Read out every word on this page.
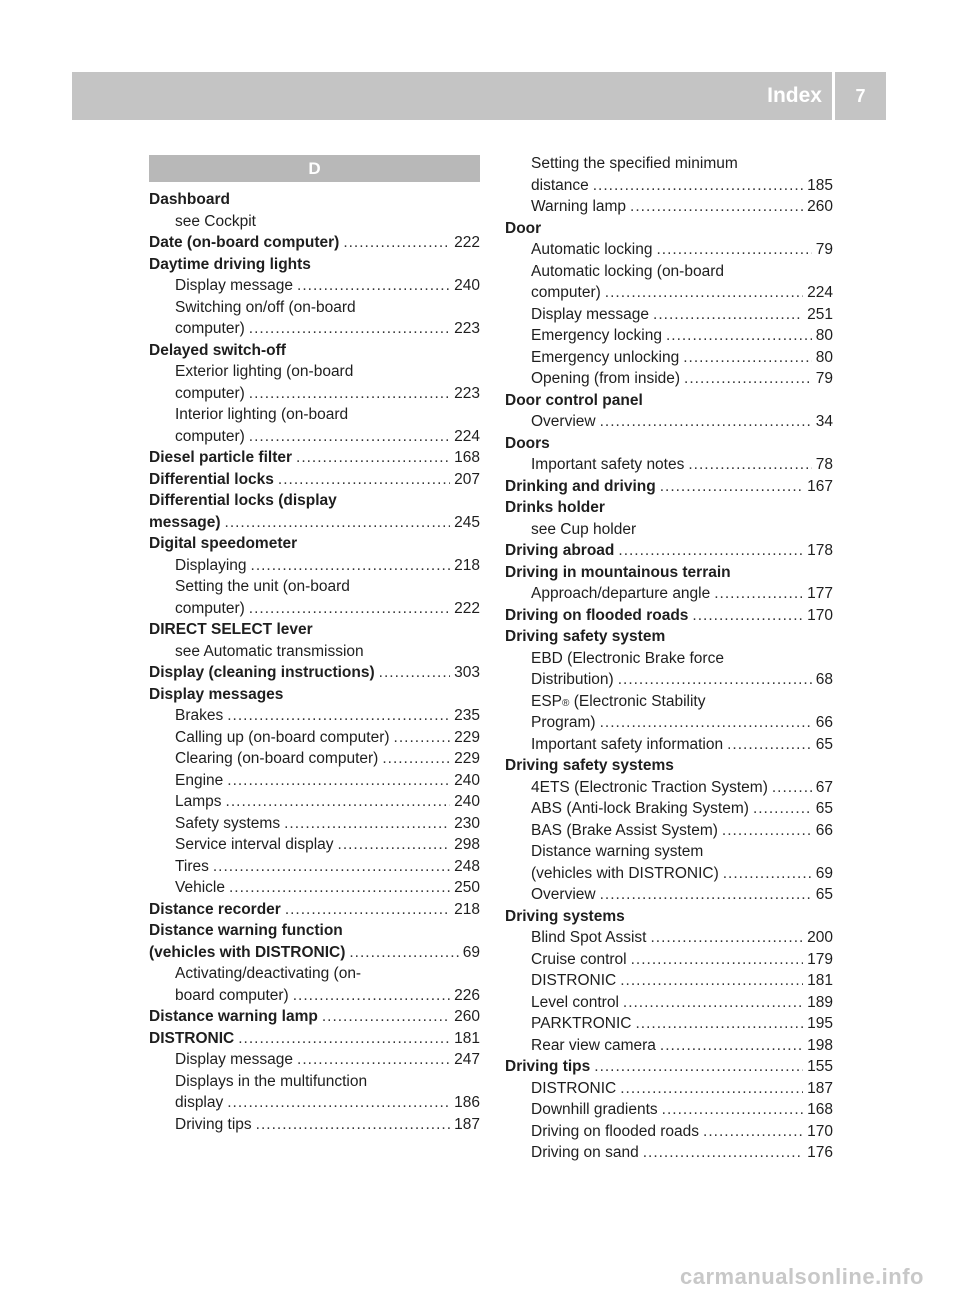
Index	7
D
Dashboard
see Cockpit
Date (on-board computer) .....	222
Daytime driving lights
Display message .....	240
Switching on/off (on-board
computer) .....	223
Delayed switch-off
Exterior lighting (on-board
computer) .....	223
Interior lighting (on-board
computer) .....	224
Diesel particle filter .....	168
Differential locks .....	207
Differential locks (display
message) .....	245
Digital speedometer
Displaying .....	218
Setting the unit (on-board
computer) .....	222
DIRECT SELECT lever
see Automatic transmission
Display (cleaning instructions) .....	303
Display messages
Brakes .....	235
Calling up (on-board computer) .....	229
Clearing (on-board computer) .....	229
Engine .....	240
Lamps .....	240
Safety systems .....	230
Service interval display .....	298
Tires .....	248
Vehicle .....	250
Distance recorder .....	218
Distance warning function
(vehicles with DISTRONIC) .....	69
Activating/deactivating (on-
board computer) .....	226
Distance warning lamp .....	260
DISTRONIC .....	181
Display message .....	247
Displays in the multifunction
display .....	186
Driving tips .....	187
Setting the specified minimum
distance .....	185
Warning lamp .....	260
Door
Automatic locking .....	79
Automatic locking (on-board
computer) .....	224
Display message .....	251
Emergency locking .....	80
Emergency unlocking .....	80
Opening (from inside) .....	79
Door control panel
Overview .....	34
Doors
Important safety notes .....	78
Drinking and driving .....	167
Drinks holder
see Cup holder
Driving abroad .....	178
Driving in mountainous terrain
Approach/departure angle .....	177
Driving on flooded roads .....	170
Driving safety system
EBD (Electronic Brake force
Distribution) .....	68
ESP ® (Electronic Stability
Program) .....	66
Important safety information .....	65
Driving safety systems
4ETS (Electronic Traction System) .....	67
ABS (Anti-lock Braking System) .....	65
BAS (Brake Assist System) .....	66
Distance warning system
(vehicles with DISTRONIC) .....	69
Overview .....	65
Driving systems
Blind Spot Assist .....	200
Cruise control .....	179
DISTRONIC .....	181
Level control .....	189
PARKTRONIC .....	195
Rear view camera .....	198
Driving tips .....	155
DISTRONIC .....	187
Downhill gradients .....	168
Driving on flooded roads .....	170
Driving on sand .....	176
carmanualsonline.info
